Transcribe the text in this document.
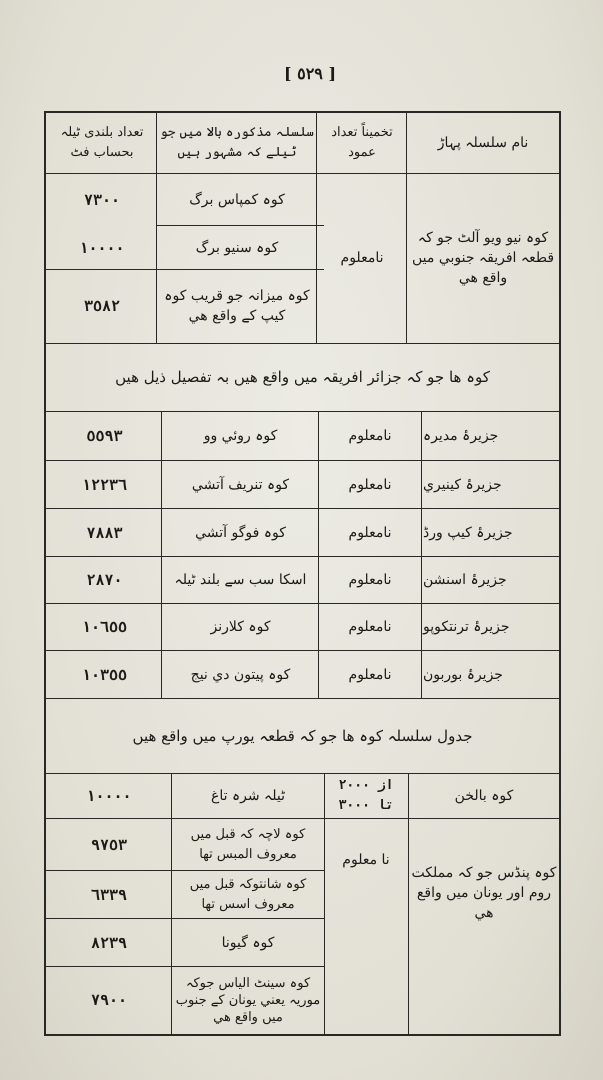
[ ٥٢٩ ]
نام سلسلہ پہاڑ
تخمیناً تعداد عمود
سلسلہ مذکورہ بالا میں جو ٹیلے کہ مشہور ہیں
تعداد بلندی ٹیلہ بحساب فٹ
کوہ نیو ویو آلٹ جو کہ قطعہ افریقہ جنوبي میں واقع هي
نامعلوم
کوہ کمپاس برگ
٧٣٠٠
کوہ سنیو برگ
١٠٠٠٠
کوہ میزانہ جو قریب کوہ کیپ کے واقع هي
٣٥٨٢
کوہ ها جو کہ جزائر افریقہ میں واقع هیں بہ تفصیل ذیل هیں
جزیرۂ مدیرہ
نامعلوم
کوہ روئي وو
٥٥٩٣
جزیرۂ کینیري
نامعلوم
کوہ تنریف آتشي
١٢٢٣٦
جزیرۂ کیپ ورڈ
نامعلوم
کوہ فوگو آتشي
٧٨٨٣
جزیرۂ اسنشن
نامعلوم
اسکا سب سے بلند ٹیلہ
٢٨٧٠
جزیرۂ ترنتکوپو
نامعلوم
کوہ کلارنز
١٠٦٥٥
جزیرۂ بوربون
نامعلوم
کوہ پیتون دي نیج
١٠٣٥٥
جدول سلسلہ کوہ ها جو کہ قطعہ یورپ میں واقع هیں
کوہ بالخن
از ٢٠٠٠
تا ٣٠٠٠
ٹیلہ شرہ تاغ
١٠٠٠٠
کوہ پنڈس جو کہ مملکت روم اور یونان میں واقع هي
نا معلوم
کوہ لاچہ کہ قبل میں معروف المبس تها
٩٧٥٣
کوہ شانتوکہ قبل میں معروف اسس تها
٦٣٣٩
کوہ گیونا
٨٢٣٩
کوہ سینٹ الیاس جوکہ موریہ یعني یونان کے جنوب میں واقع هي
٧٩٠٠
